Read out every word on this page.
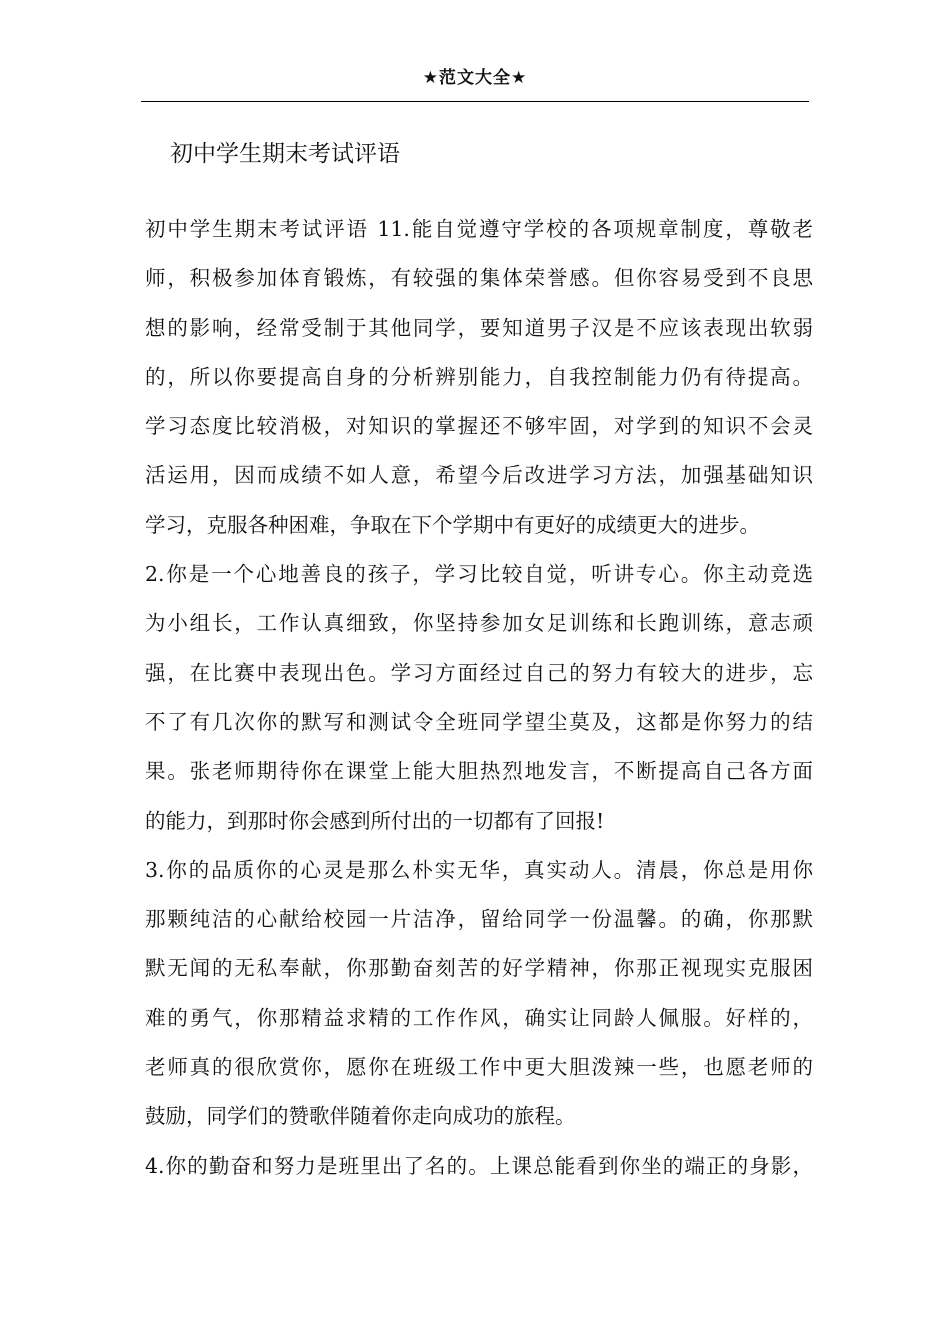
★范文大全★
初中学生期末考试评语
初中学生期末考试评语 11.能自觉遵守学校的各项规章制度，尊敬老
师，积极参加体育锻炼，有较强的集体荣誉感。但你容易受到不良思
想的影响，经常受制于其他同学，要知道男子汉是不应该表现出软弱
的，所以你要提高自身的分析辨别能力，自我控制能力仍有待提高。
学习态度比较消极，对知识的掌握还不够牢固，对学到的知识不会灵
活运用，因而成绩不如人意，希望今后改进学习方法，加强基础知识
学习，克服各种困难，争取在下个学期中有更好的成绩更大的进步。
2.你是一个心地善良的孩子，学习比较自觉，听讲专心。你主动竞选
为小组长，工作认真细致，你坚持参加女足训练和长跑训练，意志顽
强，在比赛中表现出色。学习方面经过自己的努力有较大的进步，忘
不了有几次你的默写和测试令全班同学望尘莫及，这都是你努力的结
果。张老师期待你在课堂上能大胆热烈地发言，不断提高自己各方面
的能力，到那时你会感到所付出的一切都有了回报!
3.你的品质你的心灵是那么朴实无华，真实动人。清晨，你总是用你
那颗纯洁的心献给校园一片洁净，留给同学一份温馨。的确，你那默
默无闻的无私奉献，你那勤奋刻苦的好学精神，你那正视现实克服困
难的勇气，你那精益求精的工作作风，确实让同龄人佩服。好样的，
老师真的很欣赏你，愿你在班级工作中更大胆泼辣一些，也愿老师的
鼓励，同学们的赞歌伴随着你走向成功的旅程。
4.你的勤奋和努力是班里出了名的。上课总能看到你坐的端正的身影，
